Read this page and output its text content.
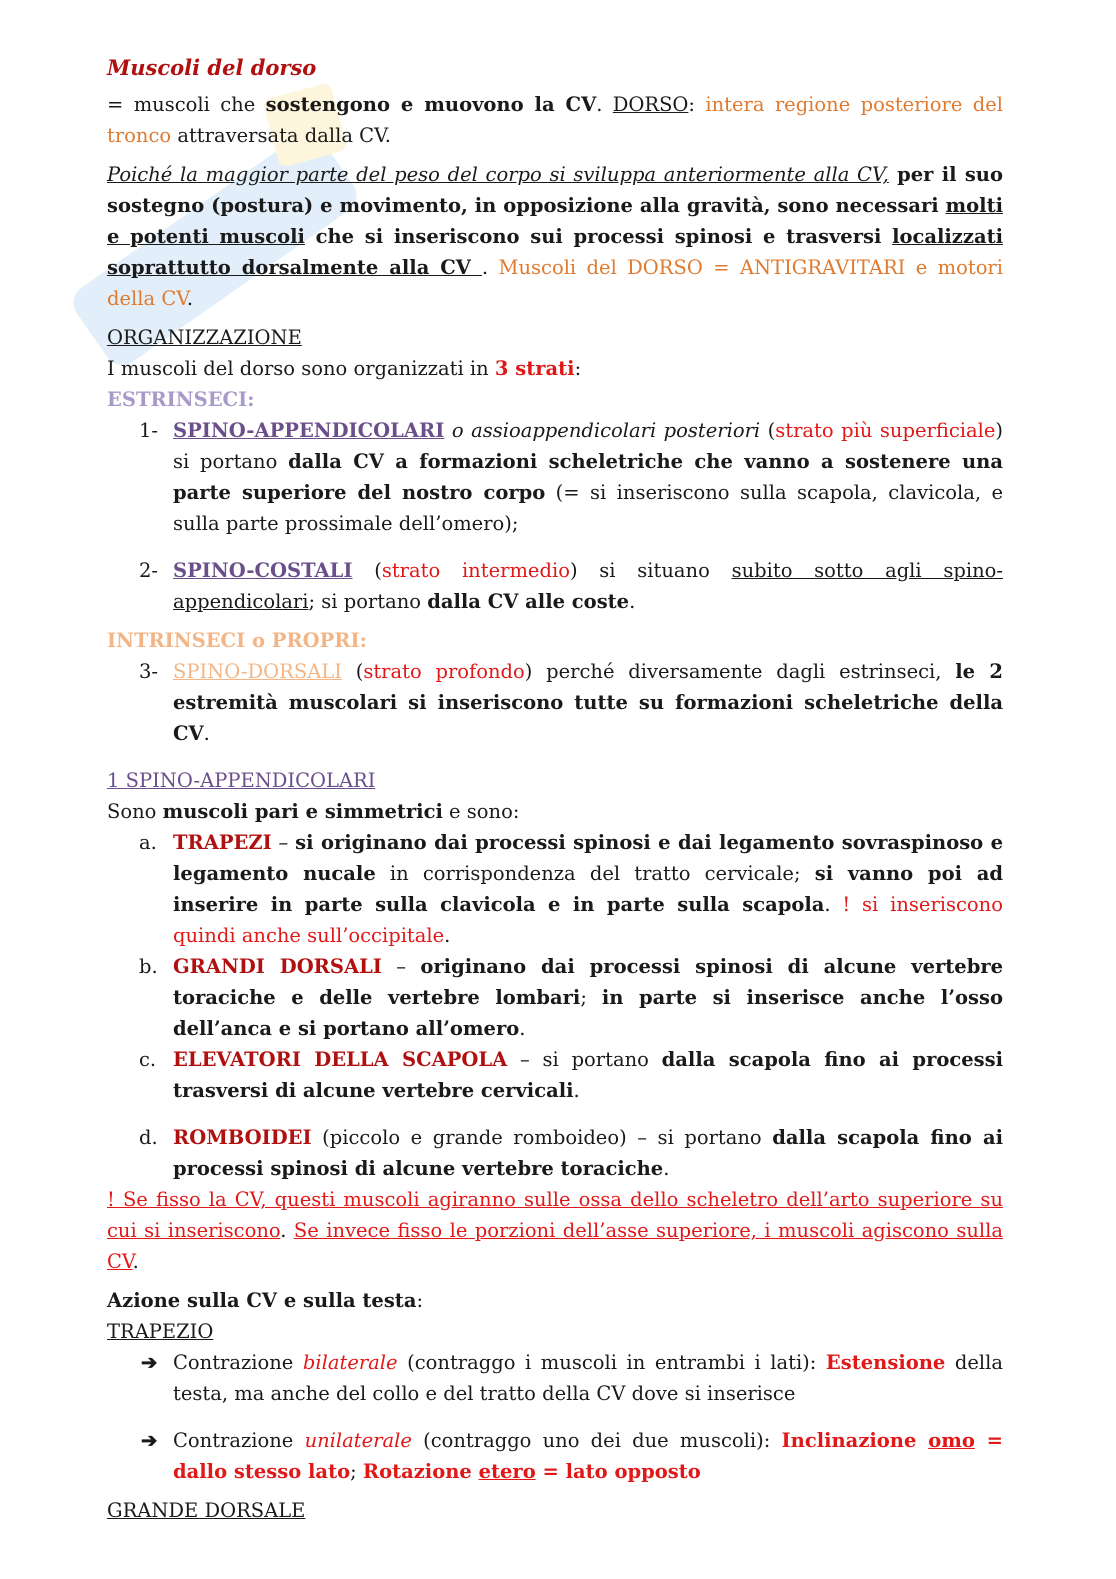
Muscoli del dorso

= muscoli che sostengono e muovono la CV. DORSO: intera regione posteriore del tronco attraversata dalla CV.

Poiché la maggior parte del peso del corpo si sviluppa anteriormente alla CV, per il suo sostegno (postura) e movimento, in opposizione alla gravità, sono necessari molti e potenti muscoli che si inseriscono sui processi spinosi e trasversi localizzati soprattutto dorsalmente alla CV . Muscoli del DORSO = ANTIGRAVITARI e motori della CV.

ORGANIZZAZIONE

I muscoli del dorso sono organizzati in 3 strati:

ESTRINSECI:

1- SPINO-APPENDICOLARI o assioappendicolari posteriori (strato più superficiale) si portano dalla CV a formazioni scheletriche che vanno a sostenere una parte superiore del nostro corpo (= si inseriscono sulla scapola, clavicola, e sulla parte prossimale dell’omero);

2- SPINO-COSTALI (strato intermedio) si situano subito sotto agli spino-appendicolari; si portano dalla CV alle coste.

INTRINSECI o PROPRI:

3- SPINO-DORSALI (strato profondo) perché diversamente dagli estrinseci, le 2 estremità muscolari si inseriscono tutte su formazioni scheletriche della CV.

1 SPINO-APPENDICOLARI

Sono muscoli pari e simmetrici e sono:

a. TRAPEZI – si originano dai processi spinosi e dai legamento sovraspinoso e legamento nucale in corrispondenza del tratto cervicale; si vanno poi ad inserire in parte sulla clavicola e in parte sulla scapola. ! si inseriscono quindi anche sull’occipitale.

b. GRANDI DORSALI – originano dai processi spinosi di alcune vertebre toraciche e delle vertebre lombari; in parte si inserisce anche l’osso dell’anca e si portano all’omero.

c. ELEVATORI DELLA SCAPOLA – si portano dalla scapola fino ai processi trasversi di alcune vertebre cervicali.

d. ROMBOIDEI (piccolo e grande romboideo) – si portano dalla scapola fino ai processi spinosi di alcune vertebre toraciche.

! Se fisso la CV, questi muscoli agiranno sulle ossa dello scheletro dell’arto superiore su cui si inseriscono. Se invece fisso le porzioni dell’asse superiore, i muscoli agiscono sulla CV.

Azione sulla CV e sulla testa:

TRAPEZIO

➔ Contrazione bilaterale (contraggo i muscoli in entrambi i lati): Estensione della testa, ma anche del collo e del tratto della CV dove si inserisce

➔ Contrazione unilaterale (contraggo uno dei due muscoli): Inclinazione omo = dallo stesso lato; Rotazione etero = lato opposto

GRANDE DORSALE
